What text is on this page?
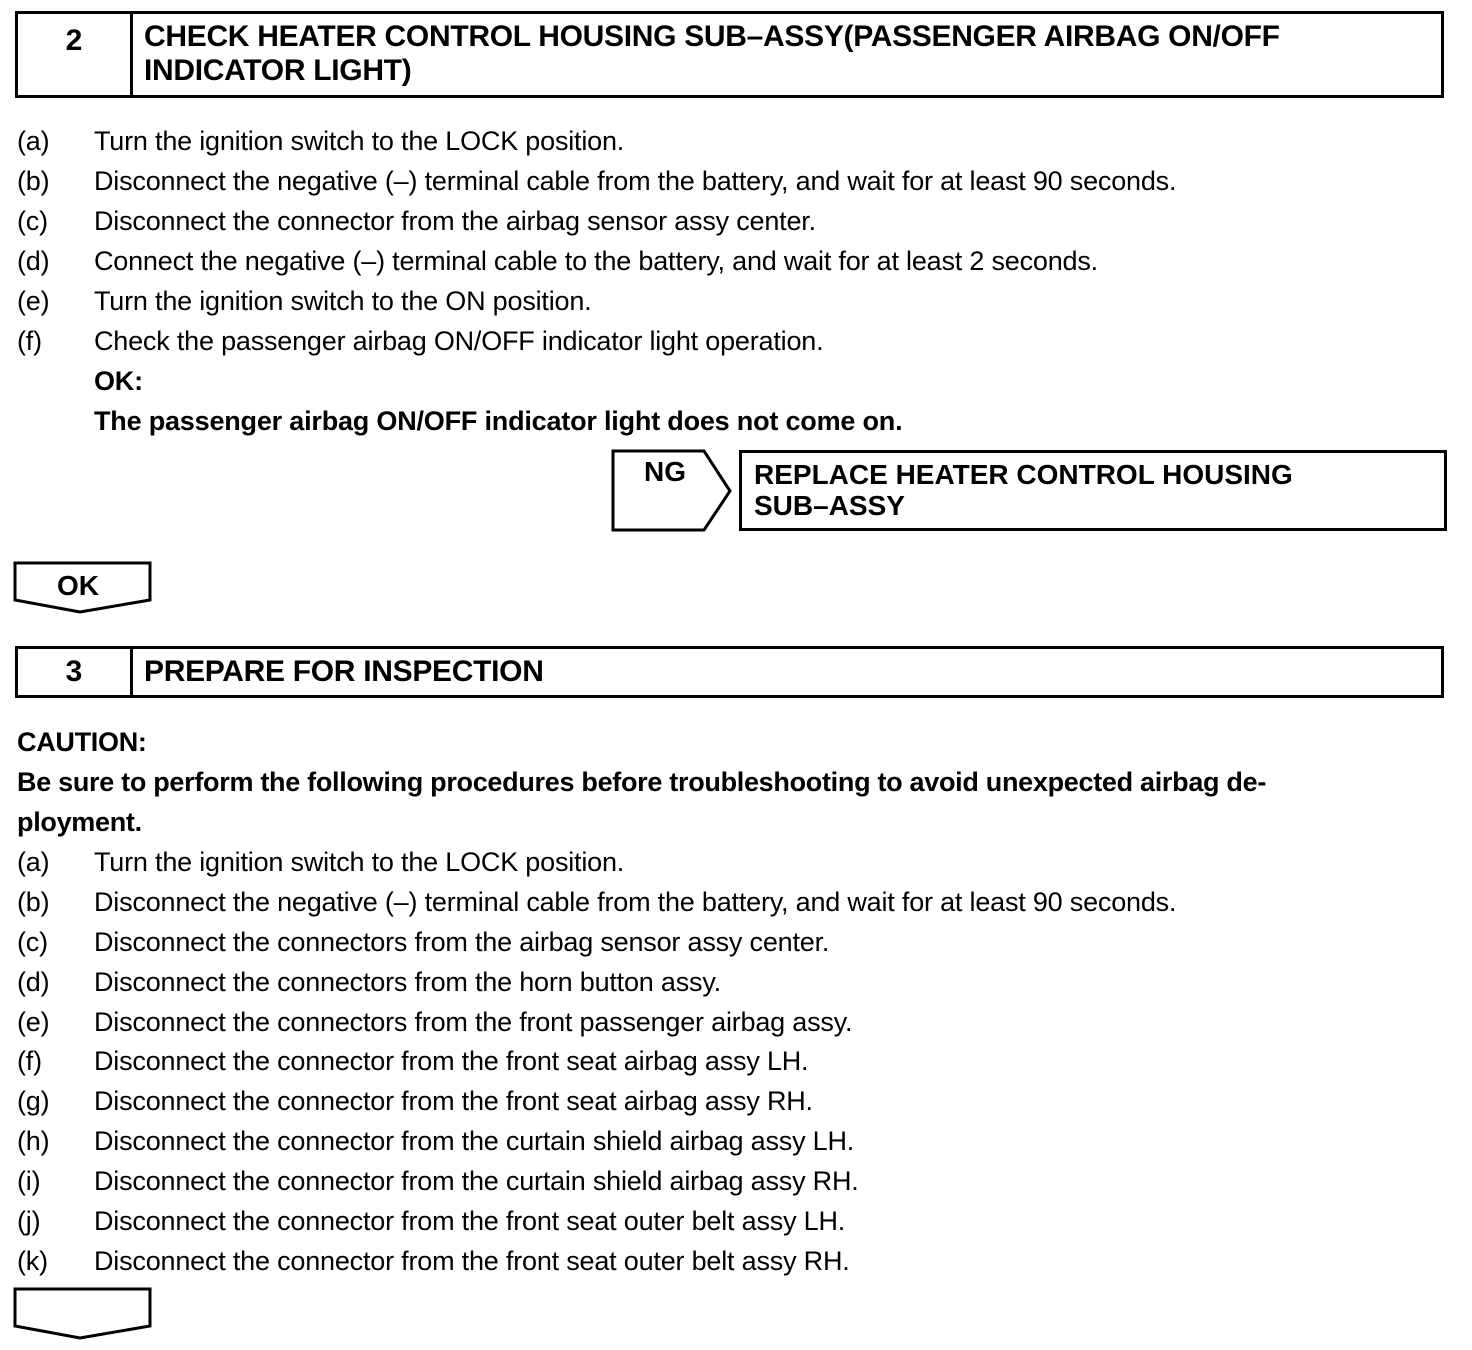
2	CHECK HEATER CONTROL HOUSING SUB–ASSY(PASSENGER AIRBAG ON/OFF
INDICATOR LIGHT)
(a) Turn the ignition switch to the LOCK position.
(b) Disconnect the negative (–) terminal cable from the battery, and wait for at least 90 seconds.
(c) Disconnect the connector from the airbag sensor assy center.
(d) Connect the negative (–) terminal cable to the battery, and wait for at least 2 seconds.
(e) Turn the ignition switch to the ON position.
(f) Check the passenger airbag ON/OFF indicator light operation.
OK:
The passenger airbag ON/OFF indicator light does not come on.
NG REPLACE HEATER CONTROL HOUSING
SUB–ASSY
OK
3	PREPARE FOR INSPECTION
CAUTION:
Be sure to perform the following procedures before troubleshooting to avoid unexpected airbag de-
ployment.
(a) Turn the ignition switch to the LOCK position.
(b) Disconnect the negative (–) terminal cable from the battery, and wait for at least 90 seconds.
(c) Disconnect the connectors from the airbag sensor assy center.
(d) Disconnect the connectors from the horn button assy.
(e) Disconnect the connectors from the front passenger airbag assy.
(f) Disconnect the connector from the front seat airbag assy LH.
(g) Disconnect the connector from the front seat airbag assy RH.
(h) Disconnect the connector from the curtain shield airbag assy LH.
(i) Disconnect the connector from the curtain shield airbag assy RH.
(j) Disconnect the connector from the front seat outer belt assy LH.
(k) Disconnect the connector from the front seat outer belt assy RH.
